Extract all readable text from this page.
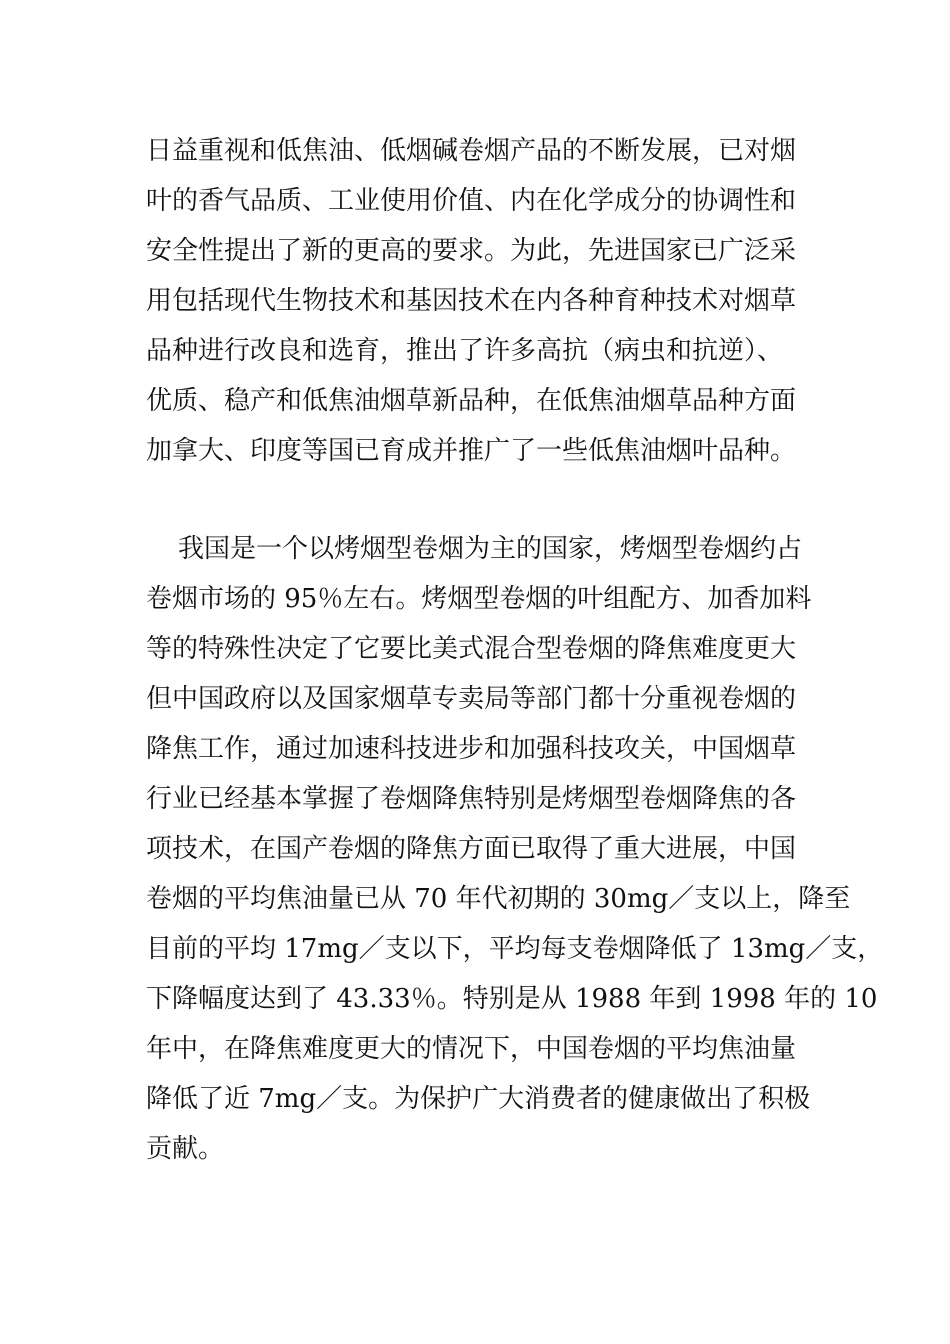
日益重视和低焦油、低烟碱卷烟产品的不断发展，已对烟
叶的香气品质、工业使用价值、内在化学成分的协调性和
安全性提出了新的更高的要求。为此，先进国家已广泛采
用包括现代生物技术和基因技术在内各种育种技术对烟草
品种进行改良和选育，推出了许多高抗（病虫和抗逆）、
优质、稳产和低焦油烟草新品种，在低焦油烟草品种方面
加拿大、印度等国已育成并推广了一些低焦油烟叶品种。
我国是一个以烤烟型卷烟为主的国家，烤烟型卷烟约占
卷烟市场的 95％左右。烤烟型卷烟的叶组配方、加香加料
等的特殊性决定了它要比美式混合型卷烟的降焦难度更大
但中国政府以及国家烟草专卖局等部门都十分重视卷烟的
降焦工作，通过加速科技进步和加强科技攻关，中国烟草
行业已经基本掌握了卷烟降焦特别是烤烟型卷烟降焦的各
项技术，在国产卷烟的降焦方面已取得了重大进展，中国
卷烟的平均焦油量已从 70 年代初期的 30mg／支以上，降至
目前的平均 17mg／支以下，平均每支卷烟降低了 13mg／支，
下降幅度达到了 43.33％。特别是从 1988 年到 1998 年的 10
年中，在降焦难度更大的情况下，中国卷烟的平均焦油量
降低了近 7mg／支。为保护广大消费者的健康做出了积极
贡献。
